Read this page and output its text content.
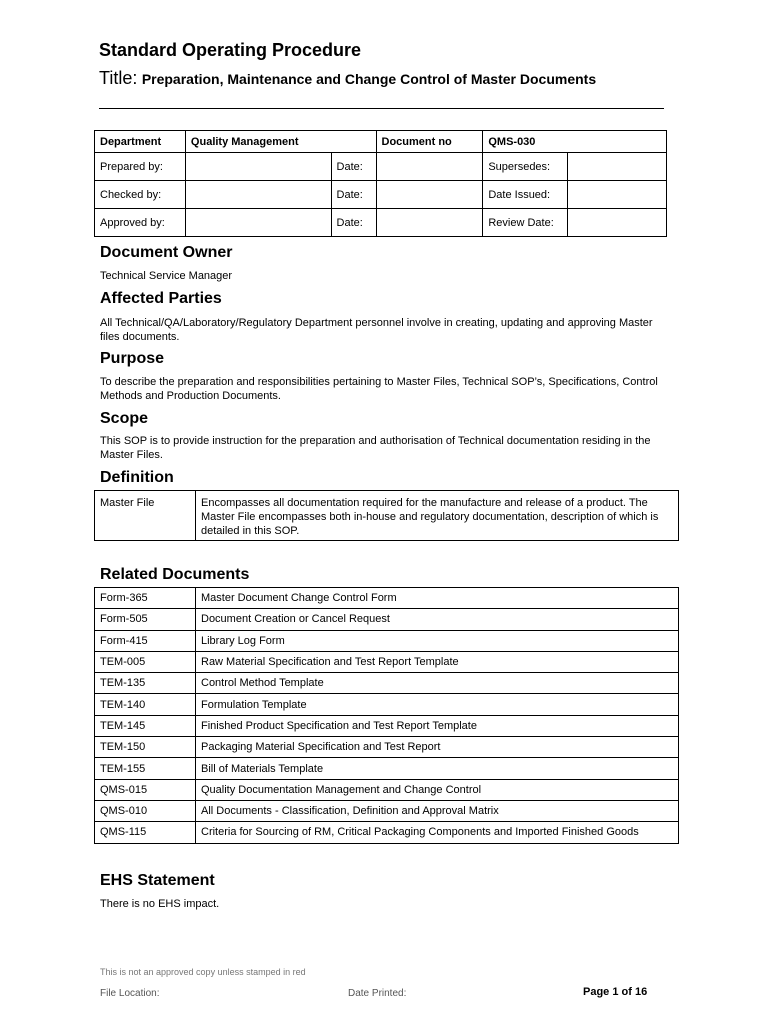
Standard Operating Procedure
Title: Preparation, Maintenance and Change Control of Master Documents
Department	Quality Management		Document no	QMS-030	
Prepared by:		Date:		Supersedes:	
Checked by:		Date:		Date Issued:	
Approved by:		Date:		Review Date:	
Document Owner
Technical Service Manager
Affected Parties
All Technical/QA/Laboratory/Regulatory Department personnel involve in creating, updating and approving Master files documents.
Purpose
To describe the preparation and responsibilities pertaining to Master Files, Technical SOP’s, Specifications, Control Methods and Production Documents.
Scope
This SOP is to provide instruction for the preparation and authorisation of Technical documentation residing in the Master Files.
Definition
Master File	Encompasses all documentation required for the manufacture and release of a product. The Master File encompasses both in-house and regulatory documentation, description of which is detailed in this SOP.
Related Documents
Form-365	Master Document Change Control Form
Form-505	Document Creation or Cancel Request
Form-415	Library Log Form
TEM-005	Raw Material Specification and Test Report Template
TEM-135	Control Method Template
TEM-140	Formulation Template
TEM-145	Finished Product Specification and Test Report Template
TEM-150	Packaging Material Specification and Test Report
TEM-155	Bill of Materials Template
QMS-015	Quality Documentation Management and Change Control
QMS-010	All Documents - Classification, Definition and Approval Matrix
QMS-115	Criteria for Sourcing of RM, Critical Packaging Components and Imported Finished Goods
EHS Statement
There is no EHS impact.
This is not an approved copy unless stamped in red
File Location:	Date Printed:	Page 1 of 16
